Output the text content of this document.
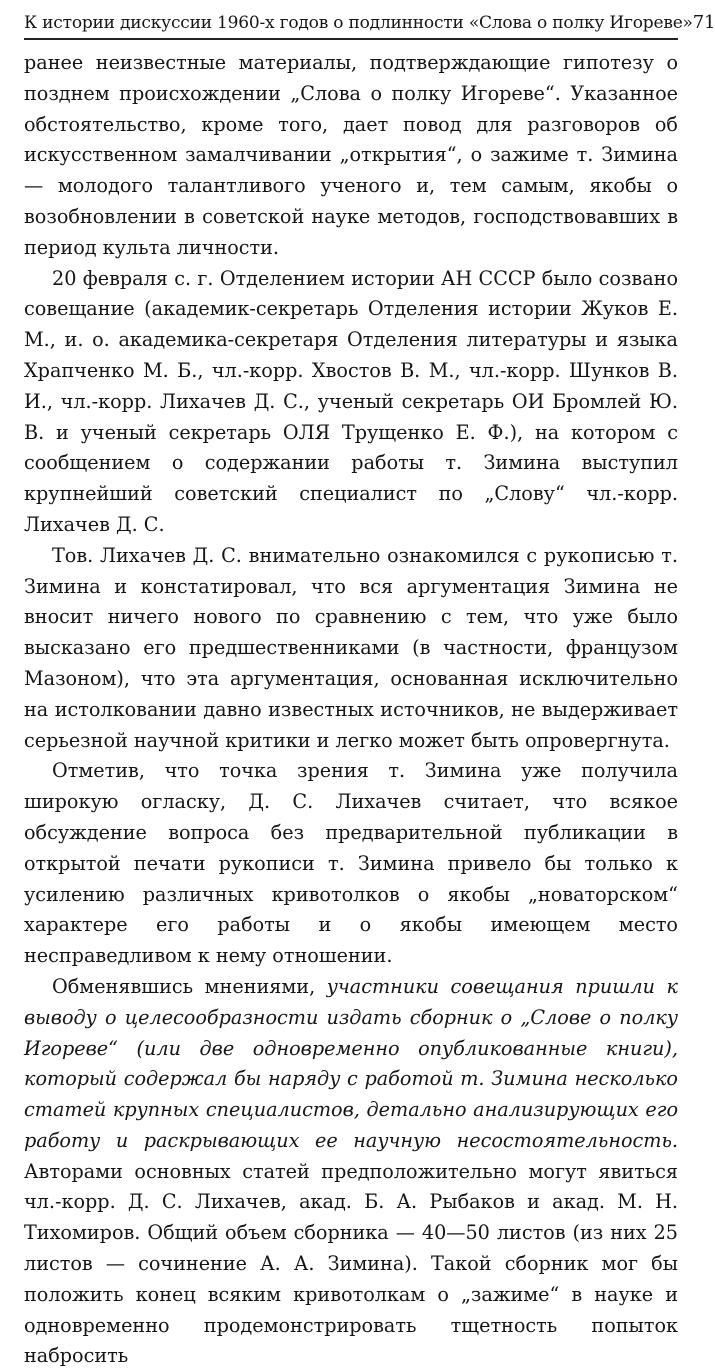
К истории дискуссии 1960-х годов о подлинности «Слова о полку Игореве» 71

ранее неизвестные материалы, подтверждающие гипотезу о позднем происхождении „Слова о полку Игореве“. Указанное обстоятельство, кроме того, дает повод для разговоров об искусственном замалчивании „открытия“, о зажиме т. Зимина — молодого талантливого ученого и, тем самым, якобы о возобновлении в советской науке методов, господствовавших в период культа личности.

20 февраля с. г. Отделением истории АН СССР было созвано совещание (академик-секретарь Отделения истории Жуков Е. М., и. о. академика-секретаря Отделения литературы и языка Храпченко М. Б., чл.-корр. Хвостов В. М., чл.-корр. Шунков В. И., чл.-корр. Лихачев Д. С., ученый секретарь ОИ Бромлей Ю. В. и ученый секретарь ОЛЯ Трущенко Е. Ф.), на котором с сообщением о содержании работы т. Зимина выступил крупнейший советский специалист по „Слову“ чл.-корр. Лихачев Д. С.

Тов. Лихачев Д. С. внимательно ознакомился с рукописью т. Зимина и констатировал, что вся аргументация Зимина не вносит ничего нового по сравнению с тем, что уже было высказано его предшественниками (в частности, французом Мазоном), что эта аргументация, основанная исключительно на истолковании давно известных источников, не выдерживает серьезной научной критики и легко может быть опровергнута.

Отметив, что точка зрения т. Зимина уже получила широкую огласку, Д. С. Лихачев считает, что всякое обсуждение вопроса без предварительной публикации в открытой печати рукописи т. Зимина привело бы только к усилению различных кривотолков о якобы „новаторском“ характере его работы и о якобы имеющем место несправедливом к нему отношении.

Обменявшись мнениями, участники совещания пришли к выводу о целесообразности издать сборник о „Слове о полку Игореве“ (или две одновременно опубликованные книги), который содержал бы наряду с работой т. Зимина несколько статей крупных специалистов, детально анализирующих его работу и раскрывающих ее научную несостоятельность. Авторами основных статей предположительно могут явиться чл.-корр. Д. С. Лихачев, акад. Б. А. Рыбаков и акад. М. Н. Тихомиров. Общий объем сборника — 40—50 листов (из них 25 листов — сочинение А. А. Зимина). Такой сборник мог бы положить конец всяким кривотолкам о „зажиме“ в науке и одновременно продемонстрировать тщетность попыток набросить
